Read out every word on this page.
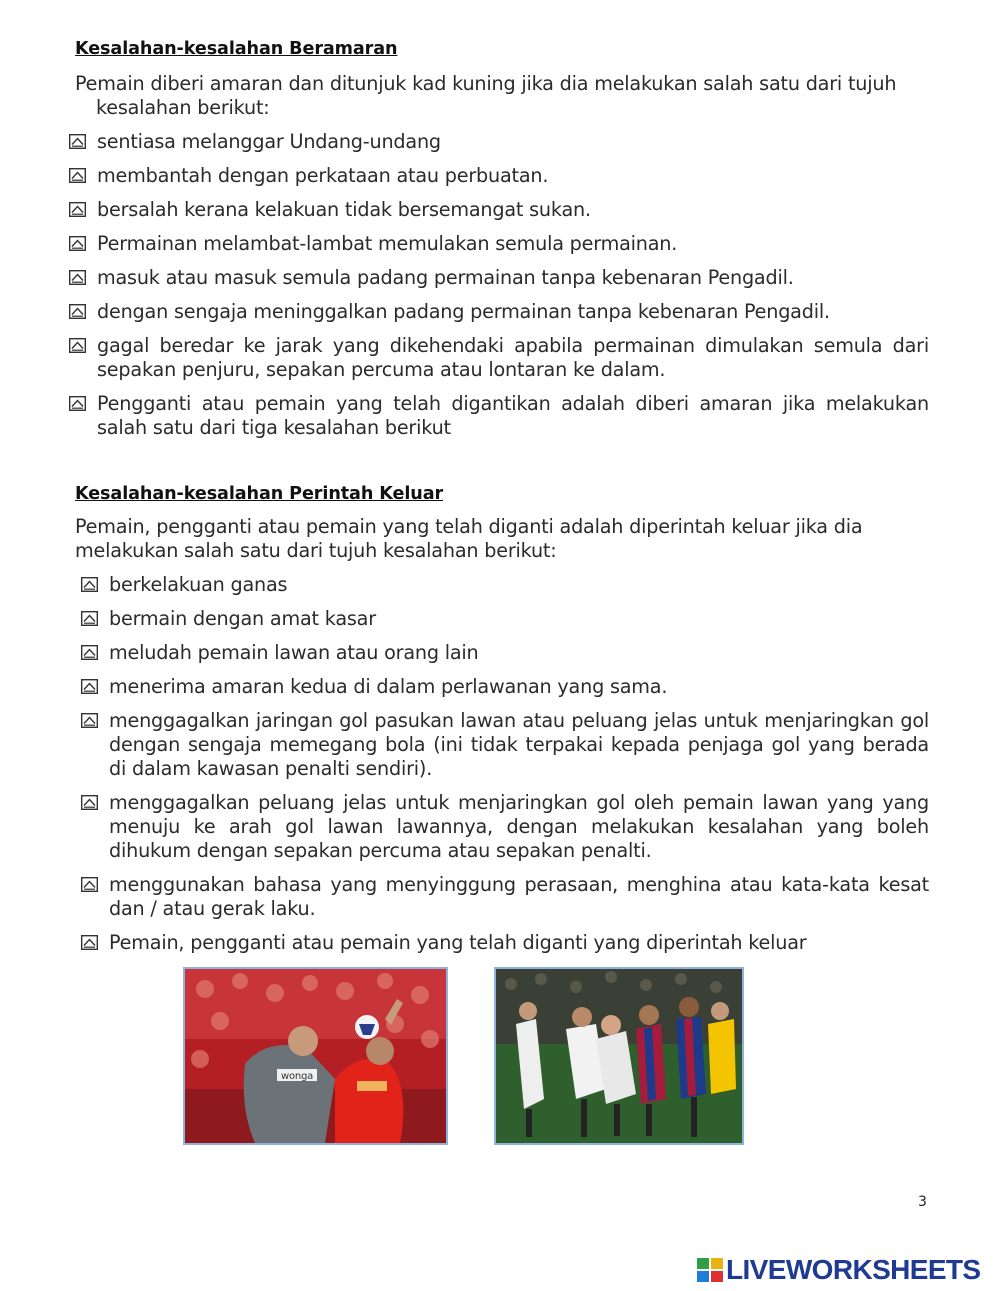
Kesalahan-kesalahan Beramaran

Pemain diberi amaran dan ditunjuk kad kuning jika dia melakukan salah satu dari tujuh
kesalahan berikut:

sentiasa melanggar Undang-undang
membantah dengan perkataan atau perbuatan.
bersalah kerana kelakuan tidak bersemangat sukan.
Permainan melambat-lambat memulakan semula permainan.
masuk atau masuk semula padang permainan tanpa kebenaran Pengadil.
dengan sengaja meninggalkan padang permainan tanpa kebenaran Pengadil.
gagal beredar ke jarak yang dikehendaki apabila permainan dimulakan semula dari sepakan penjuru, sepakan percuma atau lontaran ke dalam.
Pengganti atau pemain yang telah digantikan adalah diberi amaran jika melakukan salah satu dari tiga kesalahan berikut
Kesalahan-kesalahan Perintah Keluar

Pemain, pengganti atau pemain yang telah diganti adalah diperintah keluar jika dia melakukan salah satu dari tujuh kesalahan berikut:

berkelakuan ganas
bermain dengan amat kasar
meludah pemain lawan atau orang lain
menerima amaran kedua di dalam perlawanan yang sama.
menggagalkan jaringan gol pasukan lawan atau peluang jelas untuk menjaringkan gol dengan sengaja memegang bola (ini tidak terpakai kepada penjaga gol yang berada di dalam kawasan penalti sendiri).
menggagalkan peluang jelas untuk menjaringkan gol oleh pemain lawan yang yang menuju ke arah gol lawan lawannya, dengan melakukan kesalahan yang boleh dihukum dengan sepakan percuma atau sepakan penalti.
menggunakan bahasa yang menyinggung perasaan, menghina atau kata-kata kesat dan / atau gerak laku.
Pemain, pengganti atau pemain yang telah diganti yang diperintah keluar
wonga
3
LIVEWORKSHEETS
